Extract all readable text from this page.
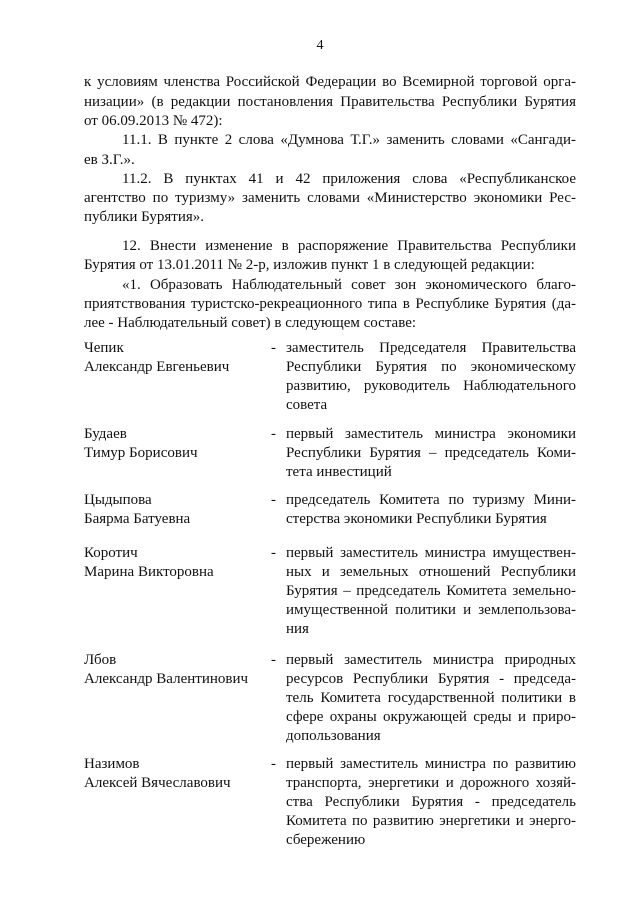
4
к условиям членства Российской Федерации во Всемирной торговой орга-
низации» (в редакции постановления Правительства Республики Бурятия
от 06.09.2013 № 472):
11.1. В пункте 2 слова «Думнова Т.Г.» заменить словами «Сангади-
ев З.Г.».
11.2. В пунктах 41 и 42 приложения слова «Республиканское
агентство по туризму» заменить словами «Министерство экономики Рес-
публики Бурятия».
12. Внести изменение в распоряжение Правительства Республики
Бурятия от 13.01.2011 № 2-р, изложив пункт 1 в следующей редакции:
«1. Образовать Наблюдательный совет зон экономического благо-
приятствования туристско-рекреационного типа в Республике Бурятия (да-
лее - Наблюдательный совет) в следующем составе:
Чепик
Александр Евгеньевич
- заместитель Председателя Правительства
Республики Бурятия по экономическому
развитию, руководитель Наблюдательного
совета
Будаев
Тимур Борисович
- первый заместитель министра экономики
Республики Бурятия – председатель Коми-
тета инвестиций
Цыдыпова
Баярма Батуевна
- председатель Комитета по туризму Мини-
стерства экономики Республики Бурятия
Коротич
Марина Викторовна
- первый заместитель министра имуществен-
ных и земельных отношений Республики
Бурятия – председатель Комитета земельно-
имущественной политики и землепользова-
ния
Лбов
Александр Валентинович
- первый заместитель министра природных
ресурсов Республики Бурятия - председа-
тель Комитета государственной политики в
сфере охраны окружающей среды и приро-
допользования
Назимов
Алексей Вячеславович
- первый заместитель министра по развитию
транспорта, энергетики и дорожного хозяй-
ства Республики Бурятия - председатель
Комитета по развитию энергетики и энерго-
сбережению
